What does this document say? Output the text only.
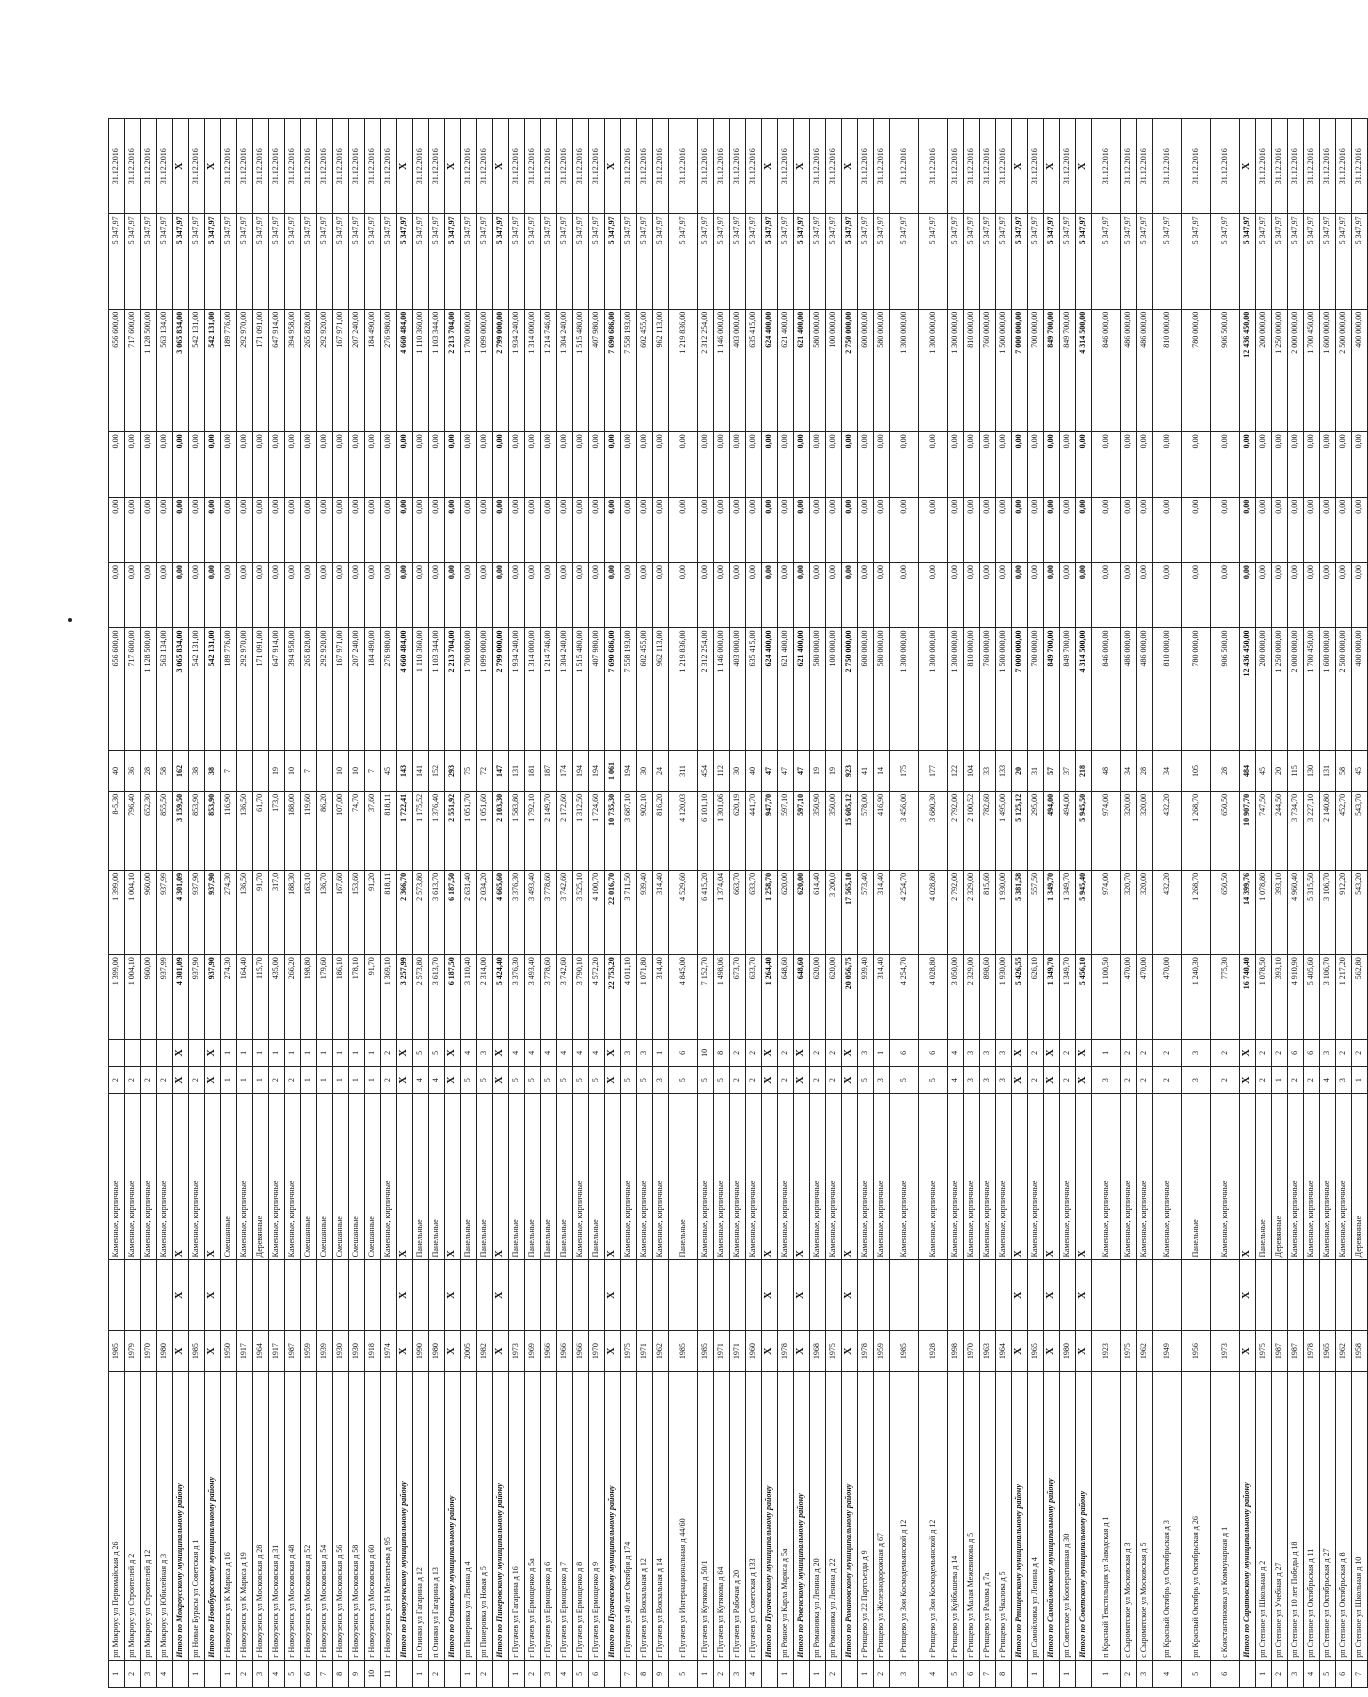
1	рп Мокроус ул Первомайская д 26	1985		Каменные, кирпичные	2		1 399,00	1 399,00	8-5,30	40	656 600,00	0,00	0,00	0,00	656 600,00	5 347,97	31.12.2016
2	рп Мокроус ул Строителей д 2	1979		Каменные, кирпичные	2		1 004,10	1 004,10	796,40	36	717 600,00	0,00	0,00	0,00	717 600,00	5 347,97	31.12.2016
3	рп Мокроус ул Строителей д 12	1970		Каменные, кирпичные	2		960,00	960,00	652,30	28	1 128 500,00	0,00	0,00	0,00	1 128 500,00	5 347,97	31.12.2016
4	рп Мокроус ул Юбилейная д 3	1980		Каменные, кирпичные	2		937,99	937,99	855,50	58	563 134,00	0,00	0,00	0,00	563 134,00	5 347,97	31.12.2016
	Итого по Мокроусскому муниципальному району	X	X	X	X	X	4 301,09	4 301,09	3 159,50	162	3 065 834,00	0,00	0,00	0,00	3 065 834,00	5 347,97	X
1	рп Новые Бурасы ул Советская д 1	1985		Каменные, кирпичные	2		937,90	937,90	853,90	38	542 131,00	0,00	0,00	0,00	542 131,00	5 347,97	31.12.2016
	Итого по Новобурасскому муниципальному району	X	X	X	X	X	937,90	937,90	853,90	38	542 131,00	0,00	0,00	0,00	542 131,00	5 347,97	X
1	г Новоузенск ул К Маркса д 16	1950		Смешанные	1	1	274,30	274,30	116,90	7	189 776,00	0,00	0,00	0,00	189 776,00	5 347,97	31.12.2016
2	г Новоузенск ул К Маркса д 19	1917		Каменные, кирпичные	1	1	164,40	136,50	136,50		292 970,00	0,00	0,00	0,00	292 970,00	5 347,97	31.12.2016
3	г Новоузенск ул Московская д 28	1964		Деревянные	1	1	115,70	91,70	61,70		171 091,00	0,00	0,00	0,00	171 091,00	5 347,97	31.12.2016
4	г Новоузенск ул Московская д 31	1917		Каменные, кирпичные	2	1	435,00	317,0	173,0	19	647 914,00	0,00	0,00	0,00	647 914,00	5 347,97	31.12.2016
5	г Новоузенск ул Московская д 48	1987		Каменные, кирпичные	2	1	266,20	188,30	188,00	10	394 958,00	0,00	0,00	0,00	394 958,00	5 347,97	31.12.2016
6	г Новоузенск ул Московская д 52	1959		Смешанные	1	1	198,80	163,10	119,60	7	265 828,00	0,00	0,00	0,00	265 828,00	5 347,97	31.12.2016
7	г Новоузенск ул Московская д 54	1939		Смешанные	1	1	179,60	136,70	86,20		292 920,00	0,00	0,00	0,00	292 920,00	5 347,97	31.12.2016
8	г Новоузенск ул Московская д 56	1930		Смешанные	1	1	186,10	167,60	107,00	10	167 971,00	0,00	0,00	0,00	167 971,00	5 347,97	31.12.2016
9	г Новоузенск ул Московская д 58	1930		Смешанные	1	1	178,10	153,60	74,70	10	207 240,00	0,00	0,00	0,00	207 240,00	5 347,97	31.12.2016
10	г Новоузенск ул Московская д 60	1918		Смешанные	1	1	91,70	91,20	37,60	7	184 490,00	0,00	0,00	0,00	184 490,00	5 347,97	31.12.2016
11	г Новоузенск ул Н Мелентьева д 95	1974		Каменные, кирпичные	2	2	1 369,10	818,11	818,11	45	276 980,00	0,00	0,00	0,00	276 980,00	5 347,97	31.12.2016
	Итого по Новоузенскому муниципальному району	X	X	X	X	X	3 257,99	2 366,70	1 722,41	143	4 660 484,00	0,00	0,00	0,00	4 660 484,00	5 347,97	X
1	п Озинки ул Гагарина д 12	1990		Панельные	4	5	2 573,80	2 573,80	1 175,52	141	1 110 360,00	0,00	0,00	0,00	1 110 360,00	5 347,97	31.12.2016
2	п Озинки ул Гагарина д 13	1980		Панельные	4	5	3 613,70	3 613,70	1 376,40	152	1 103 344,00	0,00	0,00	0,00	1 103 344,00	5 347,97	31.12.2016
	Итого по Озинскому муниципальному району	X	X	X	X	X	6 187,50	6 187,50	2 551,92	293	2 213 704,00	0,00	0,00	0,00	2 213 704,00	5 347,97	X
1	рп Пинеровка ул Ленина д 4	2005		Панельные	5	4	3 110,40	2 631,40	1 051,70	75	1 700 000,00	0,00	0,00	0,00	1 700 000,00	5 347,97	31.12.2016
2	рп Пинеровка ул Новая д 5	1982		Панельные	5	3	2 314,00	2 034,20	1 051,60	72	1 099 000,00	0,00	0,00	0,00	1 099 000,00	5 347,97	31.12.2016
	Итого по Пинеровскому муниципальному району	X	X	X	X	X	5 424,40	4 665,60	2 103,30	147	2 799 000,00	0,00	0,00	0,00	2 799 000,00	5 347,97	X
1	г Пугачев ул Гагарина д 16	1973		Панельные	5	4	3 376,30	3 376,30	1 583,80	131	1 934 240,00	0,00	0,00	0,00	1 934 240,00	5 347,97	31.12.2016
2	г Пугачев ул Ермощенко д 5а	1969		Панельные	5	4	3 493,40	3 493,40	1 792,10	181	1 314 000,00	0,00	0,00	0,00	1 314 000,00	5 347,97	31.12.2016
3	г Пугачев ул Ермощенко д 6	1966		Панельные	5	4	3 778,60	3 778,60	2 149,70	187	1 214 746,00	0,00	0,00	0,00	1 214 746,00	5 347,97	31.12.2016
4	г Пугачев ул Ермощенко д 7	1966		Панельные	5	4	3 742,60	3 742,60	2 172,60	174	1 304 240,00	0,00	0,00	0,00	1 304 240,00	5 347,97	31.12.2016
5	г Пугачев ул Ермощенко д 8	1966		Каменные, кирпичные	5	4	3 790,10	3 525,10	1 312,50	194	1 515 480,00	0,00	0,00	0,00	1 515 480,00	5 347,97	31.12.2016
6	г Пугачев ул Ермощенко д 9	1970		Панельные	5	4	4 572,20	4 100,70	1 724,60	194	407 980,00	0,00	0,00	0,00	407 980,00	5 347,97	31.12.2016
	Итого по Пугачевскому муниципальному району	X	X	X	X	X	22 753,20	22 016,70	10 735,30	1 061	7 690 686,00	0,00	0,00	0,00	7 690 686,00	5 347,97	X
7	г Пугачев ул 40 лет Октября д 174	1975		Каменные, кирпичные	5	3	4 011,10	3 711,50	3 687,10	194	7 558 193,00	0,00	0,00	0,00	7 558 193,00	5 347,97	31.12.2016
8	г Пугачев ул Вокзальная д 12	1971		Каменные, кирпичные	5	3	1 071,80	939,40	902,10	30	602 455,00	0,00	0,00	0,00	602 455,00	5 347,97	31.12.2016
9	г Пугачев ул Вокзальная д 14	1962		Каменные, кирпичные	3	1	314,40	314,40	816,20	24	962 113,00	0,00	0,00	0,00	962 113,00	5 347,97	31.12.2016
5	г Пугачев ул Интернациональная д 44/60	1985		Панельные	5	6	4 845,00	4 529,60	4 120,03	311	1 219 836,00	0,00	0,00	0,00	1 219 836,00	5 347,97	31.12.2016
1	г Пугачев ул Кутякова д 50/1	1985		Каменные, кирпичные	5	10	7 152,70	6 415,20	6 101,10	454	2 312 254,00	0,00	0,00	0,00	2 312 254,00	5 347,97	31.12.2016
2	г Пугачев ул Кутякова д 64	1971		Каменные, кирпичные	5	8	1 498,06	1 374,04	1 301,06	112	1 146 000,00	0,00	0,00	0,00	1 146 000,00	5 347,97	31.12.2016
3	г Пугачев ул Рабочая д 20	1971		Каменные, кирпичные	2	2	673,70	663,70	620,19	30	403 000,00	0,00	0,00	0,00	403 000,00	5 347,97	31.12.2016
4	г Пугачев ул Советская д 133	1960		Каменные, кирпичные	2	2	633,70	633,70	441,70	40	635 415,00	0,00	0,00	0,00	635 415,00	5 347,97	31.12.2016
	Итого по Пугачевскому муниципальному району	X	X	X	X	X	1 264,40	1 258,70	947,70	47	624 400,00	0,00	0,00	0,00	624 400,00	5 347,97	X
1	рп Ровное ул Карла Маркса д 5а	1978		Каменные, кирпичные	2	2	648,60	620,00	597,10	47	621 400,00	0,00	0,00	0,00	621 400,00	5 347,97	31.12.2016
	Итого по Ровенскому муниципальному району	X	X	X	X	X	648,60	620,00	597,10	47	621 400,00	0,00	0,00	0,00	621 400,00	5 347,97	X
1	рп Романовка ул Ленина д 20	1968		Каменные, кирпичные	2	2	620,00	614,40	350,90	19	580 000,00	0,00	0,00	0,00	580 000,00	5 347,97	31.12.2016
2	рп Романовка ул Ленина д 22	1975		Каменные, кирпичные	2	2	620,00	3 200,0	350,00	19	100 000,00	0,00	0,00	0,00	100 000,00	5 347,97	31.12.2016
	Итого по Романовскому муниципальному району	X	X	X	X	X	20 056,75	17 565,10	15 605,12	923	2 750 000,00	0,00	0,00	0,00	2 750 000,00	5 347,97	X
1	г Ртищево ул 22 Партсъезда д 9	1978		Каменные, кирпичные	5	3	939,40	573,40	578,00	41	600 000,00	0,00	0,00	0,00	600 000,00	5 347,97	31.12.2016
2	г Ртищево ул Железнодорожная д 67	1959		Каменные, кирпичные	3	1	314,40	314,40	416,90	14	580 000,00	0,00	0,00	0,00	580 000,00	5 347,97	31.12.2016
3	г Ртищево ул Зои Космодемьянской д 12	1985		Каменные, кирпичные	5	6	4 254,70	4 254,70	3 456,00	175	1 300 000,00	0,00	0,00	0,00	1 300 000,00	5 347,97	31.12.2016
4	г Ртищево ул Зои Космодемьянской д 12	1928		Каменные, кирпичные	5	6	4 028,80	4 028,80	3 680,30	177	1 300 000,00	0,00	0,00	0,00	1 300 000,00	5 347,97	31.12.2016
5	г Ртищево ул Куйбышева д 14	1998		Каменные, кирпичные	4	4	3 050,00	2 792,00	2 792,00	122	1 300 000,00	0,00	0,00	0,00	1 300 000,00	5 347,97	31.12.2016
6	г Ртищево ул Малая Межевикова д 5	1970		Каменные, кирпичные	3	3	2 329,00	2 329,00	2 100,52	104	810 000,00	0,00	0,00	0,00	810 000,00	5 347,97	31.12.2016
7	г Ртищево ул Рахова д 7а	1963		Каменные, кирпичные	3	3	898,60	815,60	782,60	33	760 000,00	0,00	0,00	0,00	760 000,00	5 347,97	31.12.2016
8	г Ртищево ул Чкалова д 5	1964		Каменные, кирпичные	3	3	1 930,00	1 930,00	1 495,00	133	1 500 000,00	0,00	0,00	0,00	1 500 000,00	5 347,97	31.12.2016
	Итого по Ртищевскому муниципальному району	X	X	X	X	X	5 426,55	5 381,58	5 125,12	20	7 000 000,00	0,00	0,00	0,00	7 000 000,00	5 347,97	X
1	рп Самойловка ул Ленина д 4	1965		Каменные, кирпичные	2	2	626,10	557,50	295,00	31	700 000,00	0,00	0,00	0,00	700 000,00	5 347,97	31.12.2016
	Итого по Самойловскому муниципальному району	X	X	X	X	X	1 349,70	1 349,70	494,00	57	849 700,00	0,00	0,00	0,00	849 700,00	5 347,97	X
1	рп Советское ул Кооперативная д 30	1980		Каменные, кирпичные	2	2	1 349,70	1 349,70	494,00	37	849 700,00	0,00	0,00	0,00	849 700,00	5 347,97	31.12.2016
	Итого по Советскому муниципальному району	X	X	X	X	X	5 456,10	5 945,40	5 945,50	218	4 314 500,00	0,00	0,00	0,00	4 314 500,00	5 347,97	X
1	п Красный Текстильщик ул Заводская д 1	1923		Каменные, кирпичные	3	1	1 100,50	974,00	974,00	48	846 000,00	0,00	0,00	0,00	846 000,00	5 347,97	31.12.2016
2	с Сыромятское ул Московская д 3	1975		Каменные, кирпичные	2	2	470,00	320,70	320,00	34	486 000,00	0,00	0,00	0,00	486 000,00	5 347,97	31.12.2016
3	с Сыромятское ул Московская д 5	1962		Каменные, кирпичные	2	2	470,00	320,00	320,00	28	486 000,00	0,00	0,00	0,00	486 000,00	5 347,97	31.12.2016
4	рп Красный Октябрь ул Октябрьская д 3	1949		Каменные, кирпичные	2	2	470,00	432,20	432,20	34	810 000,00	0,00	0,00	0,00	810 000,00	5 347,97	31.12.2016
5	рп Красный Октябрь ул Октябрьская д 26	1956		Панельные	3	3	1 240,30	1 268,70	1 268,70	105	780 000,00	0,00	0,00	0,00	780 000,00	5 347,97	31.12.2016
6	с Константиновка ул Коммунарная д 1	1973		Каменные, кирпичные	2	2	775,30	650,50	650,50	28	906 500,00	0,00	0,00	0,00	906 500,00	5 347,97	31.12.2016
	Итого по Саратовскому муниципальному району	X	X	X	X	X	16 740,40	14 399,76	10 907,70	484	12 436 450,00	0,00	0,00	0,00	12 436 450,00	5 347,97	X
1	рп Степное ул Школьная д 2	1975		Панельные	2	2	1 078,50	1 078,80	747,50	45	200 000,00	0,00	0,00	0,00	200 000,00	5 347,97	31.12.2016
2	рп Степное ул Учебная д 27	1987		Деревянные	1	2	393,10	393,10	244,50	20	1 250 000,00	0,00	0,00	0,00	1 250 000,00	5 347,97	31.12.2016
3	рп Степное ул 10 лет Победы д 18	1987		Каменные, кирпичные	2	6	4 910,90	4 960,40	3 734,70	115	2 000 000,00	0,00	0,00	0,00	2 000 000,00	5 347,97	31.12.2016
4	рп Степное ул Октябрьская д 11	1978		Каменные, кирпичные	2	6	5 405,60	5 315,50	3 227,10	130	1 700 450,00	0,00	0,00	0,00	1 700 450,00	5 347,97	31.12.2016
5	рп Степное ул Октябрьская д 27	1965		Каменные, кирпичные	4	3	3 106,70	3 106,70	2 140,80	131	1 600 000,00	0,00	0,00	0,00	1 600 000,00	5 347,97	31.12.2016
6	рп Степное ул Октябрьская д 8	1962		Каменные, кирпичные	3	2	1 217,20	912,20	452,70	58	2 500 000,00	0,00	0,00	0,00	2 500 000,00	5 347,97	31.12.2016
7	рп Степное ул Школьная д 10	1958		Деревянные	1	2	562,80	543,20	543,70	45	400 000,00	0,00	0,00	0,00	400 000,00	5 347,97	31.12.2016
